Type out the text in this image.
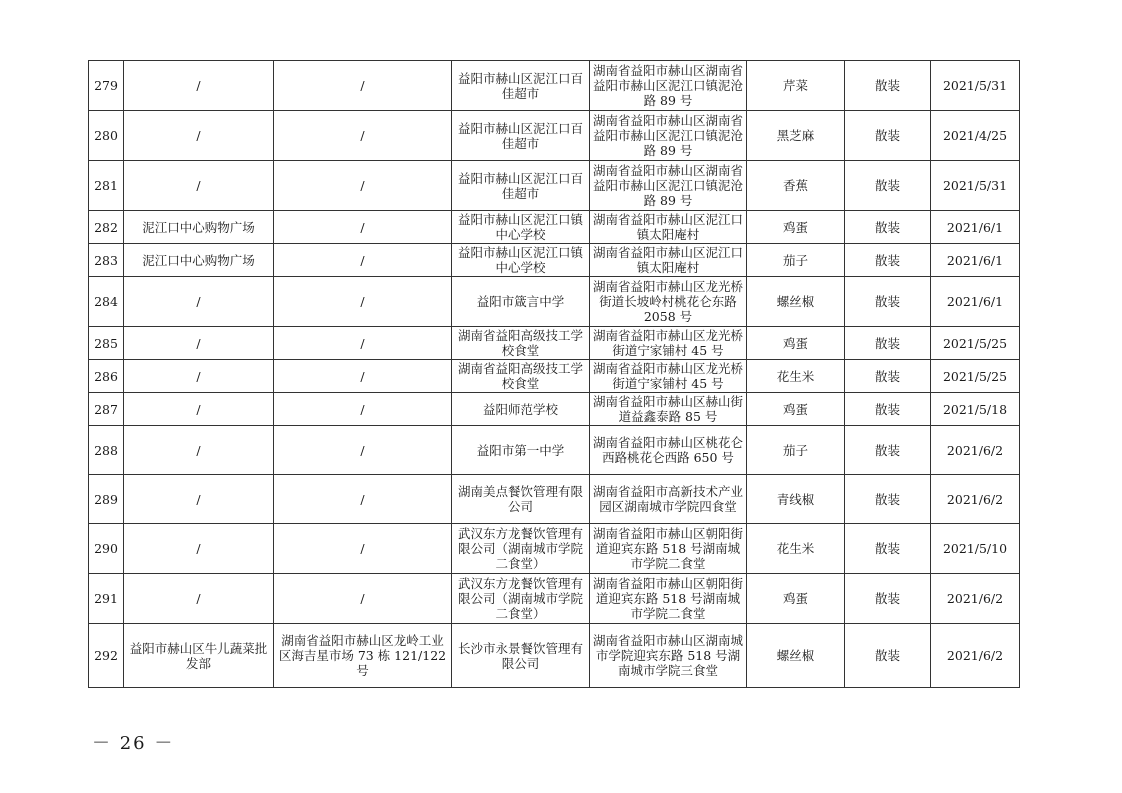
279	/	/	益阳市赫山区泥江口百佳超市	湖南省益阳市赫山区湖南省益阳市赫山区泥江口镇泥沧路 89 号	芹菜	散装	2021/5/31
280	/	/	益阳市赫山区泥江口百佳超市	湖南省益阳市赫山区湖南省益阳市赫山区泥江口镇泥沧路 89 号	黑芝麻	散装	2021/4/25
281	/	/	益阳市赫山区泥江口百佳超市	湖南省益阳市赫山区湖南省益阳市赫山区泥江口镇泥沧路 89 号	香蕉	散装	2021/5/31
282	泥江口中心购物广场	/	益阳市赫山区泥江口镇中心学校	湖南省益阳市赫山区泥江口镇太阳庵村	鸡蛋	散装	2021/6/1
283	泥江口中心购物广场	/	益阳市赫山区泥江口镇中心学校	湖南省益阳市赫山区泥江口镇太阳庵村	茄子	散装	2021/6/1
284	/	/	益阳市箴言中学	湖南省益阳市赫山区龙光桥街道长坡岭村桃花仑东路 2058 号	螺丝椒	散装	2021/6/1
285	/	/	湖南省益阳高级技工学校食堂	湖南省益阳市赫山区龙光桥街道宁家铺村 45 号	鸡蛋	散装	2021/5/25
286	/	/	湖南省益阳高级技工学校食堂	湖南省益阳市赫山区龙光桥街道宁家铺村 45 号	花生米	散装	2021/5/25
287	/	/	益阳师范学校	湖南省益阳市赫山区赫山街道益鑫泰路 85 号	鸡蛋	散装	2021/5/18
288	/	/	益阳市第一中学	湖南省益阳市赫山区桃花仑西路桃花仑西路 650 号	茄子	散装	2021/6/2
289	/	/	湖南美点餐饮管理有限公司	湖南省益阳市高新技术产业园区湖南城市学院四食堂	青线椒	散装	2021/6/2
290	/	/	武汉东方龙餐饮管理有限公司（湖南城市学院二食堂）	湖南省益阳市赫山区朝阳街道迎宾东路 518 号湖南城市学院二食堂	花生米	散装	2021/5/10
291	/	/	武汉东方龙餐饮管理有限公司（湖南城市学院二食堂）	湖南省益阳市赫山区朝阳街道迎宾东路 518 号湖南城市学院二食堂	鸡蛋	散装	2021/6/2
292	益阳市赫山区牛儿蔬菜批发部	湖南省益阳市赫山区龙岭工业区海吉星市场 73 栋 121/122 号	长沙市永景餐饮管理有限公司	湖南省益阳市赫山区湖南城市学院迎宾东路 518 号湖南城市学院三食堂	螺丝椒	散装	2021/6/2
－ 26 －
